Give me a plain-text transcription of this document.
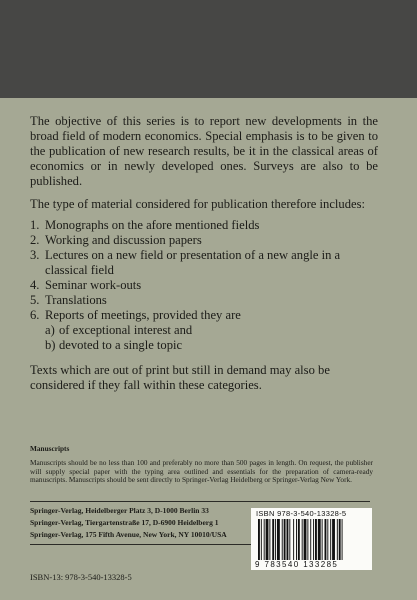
The objective of this series is to report new developments in the broad field of modern economics. Special emphasis is to be given to the publication of new research results, be it in the classical areas of economics or in newly developed ones. Surveys are also to be published.

The type of material considered for publication therefore includes:

1. Monographs on the afore mentioned fields
2. Working and discussion papers
3. Lectures on a new field or presentation of a new angle in a classical field
4. Seminar work-outs
5. Translations
6. Reports of meetings, provided they are
a) of exceptional interest and
b) devoted to a single topic

Texts which are out of print but still in demand may also be considered if they fall within these categories.

Manuscripts

Manuscripts should be no less than 100 and preferably no more than 500 pages in length. On request, the publisher will supply special paper with the typing area outlined and essentials for the preparation of camera-ready manuscripts. Manuscripts should be sent directly to Springer-Verlag Heidelberg or Springer-Verlag New York.

Springer-Verlag, Heidelberger Platz 3, D-1000 Berlin 33
Springer-Verlag, Tiergartenstraße 17, D-6900 Heidelberg 1
Springer-Verlag, 175 Fifth Avenue, New York, NY 10010/USA
ISBN 978-3-540-13328-5
9 783540 133285
ISBN-13: 978-3-540-13328-5
